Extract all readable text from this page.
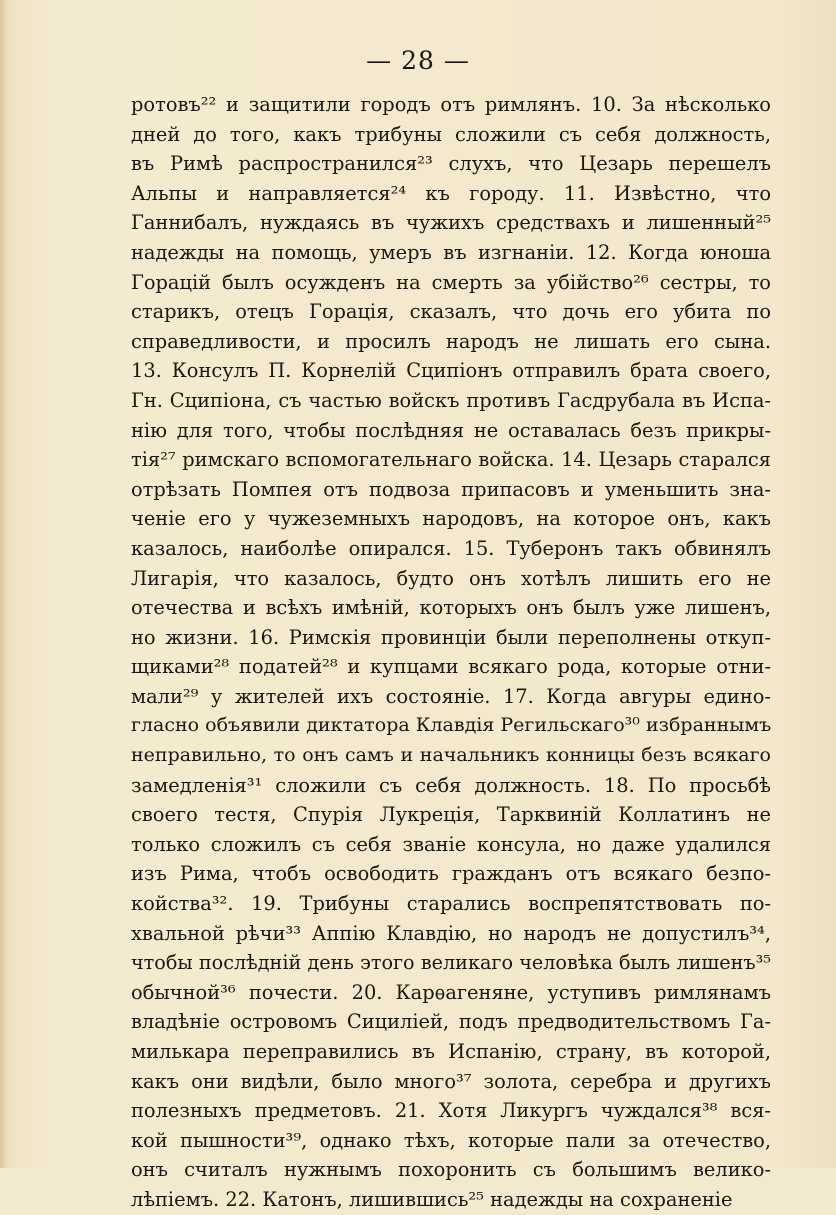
— 28 —
ротовъ²² и защитили городъ отъ римлянъ. 10. За нѣсколько
дней до того, какъ трибуны сложили съ себя должность,
въ Римѣ распространился²³ слухъ, что Цезарь перешелъ
Альпы и направляется²⁴ къ городу. 11. Извѣстно, что
Ганнибалъ, нуждаясь въ чужихъ средствахъ и лишенный²⁵
надежды на помощь, умеръ въ изгнаніи. 12. Когда юноша
Горацій былъ осужденъ на смерть за убійство²⁶ сестры, то
старикъ, отецъ Горація, сказалъ, что дочь его убита по
справедливости, и просилъ народъ не лишать его сына.
13. Консулъ П. Корнелій Сципіонъ отправилъ брата своего,
Гн. Сципіона, съ частью войскъ противъ Гасдрубала въ Испа-
нію для того, чтобы послѣдняя не оставалась безъ прикры-
тія²⁷ римскаго вспомогательнаго войска. 14. Цезарь старался
отрѣзать Помпея отъ подвоза припасовъ и уменьшить зна-
ченіе его у чужеземныхъ народовъ, на которое онъ, какъ
казалось, наиболѣе опирался. 15. Туберонъ такъ обвинялъ
Лигарія, что казалось, будто онъ хотѣлъ лишить его не
отечества и всѣхъ имѣній, которыхъ онъ былъ уже лишенъ,
но жизни. 16. Римскія провинціи были переполнены откуп-
щиками²⁸ податей²⁸ и купцами всякаго рода, которые отни-
мали²⁹ у жителей ихъ состояніе. 17. Когда авгуры едино-
гласно объявили диктатора Клавдія Регильскаго³⁰ избраннымъ
неправильно, то онъ самъ и начальникъ конницы безъ всякаго
замедленія³¹ сложили съ себя должность. 18. По просьбѣ
своего тестя, Спурія Лукреція, Тарквиній Коллатинъ не
только сложилъ съ себя званіе консула, но даже удалился
изъ Рима, чтобъ освободить гражданъ отъ всякаго безпо-
койства³². 19. Трибуны старались воспрепятствовать по-
хвальной рѣчи³³ Аппію Клавдію, но народъ не допустилъ³⁴,
чтобы послѣдній день этого великаго человѣка былъ лишенъ³⁵
обычной³⁶ почести. 20. Карѳагеняне, уступивъ римлянамъ
владѣніе островомъ Сициліей, подъ предводительствомъ Га-
милькара переправились въ Испанію, страну, въ которой,
какъ они видѣли, было много³⁷ золота, серебра и другихъ
полезныхъ предметовъ. 21. Хотя Ликургъ чуждался³⁸ вся-
кой пышности³⁹, однако тѣхъ, которые пали за отечество,
онъ считалъ нужнымъ похоронить съ большимъ велико-
лѣпіемъ. 22. Катонъ, лишившись²⁵ надежды на сохраненіе
